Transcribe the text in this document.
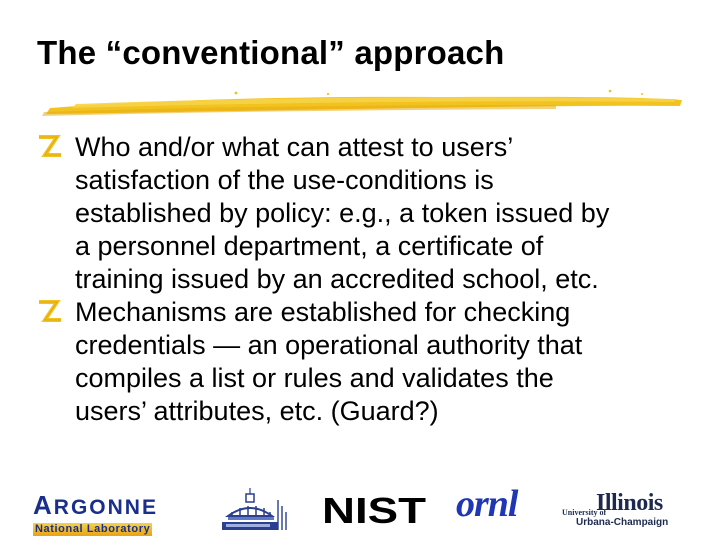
The “conventional” approach
Who and/or what can attest to users’
satisfaction of the use-conditions is
established by policy: e.g., a token issued by
a personnel department, a certificate of
training issued by an accredited school, etc.
Mechanisms are established for checking
credentials — an operational authority that
compiles a list or rules and validates the
users’ attributes, etc. (Guard?)
ARGONNE
National Laboratory	NIST ornl	University ofIllinois
Urbana-Champaign
